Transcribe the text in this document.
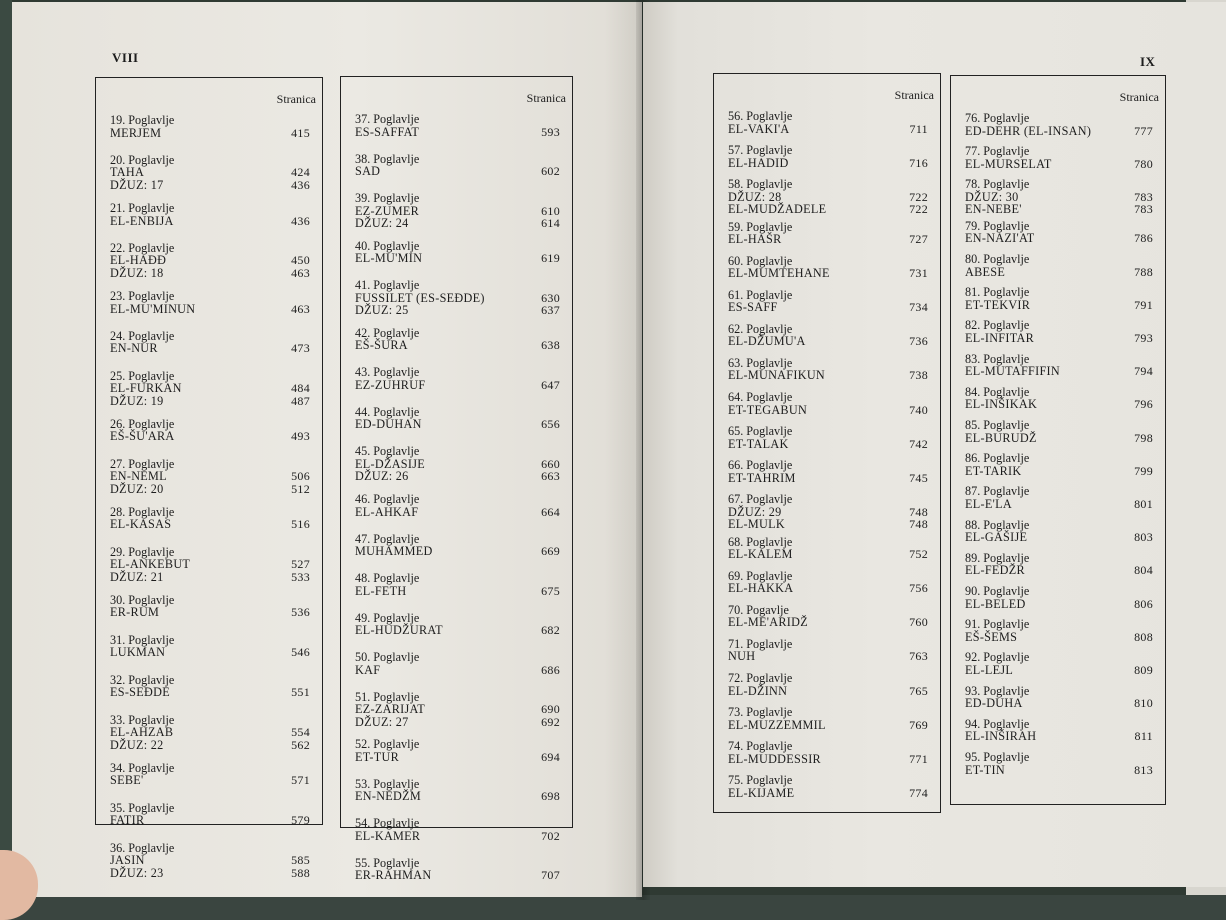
VIII
Stranica
19. Poglavlje
MERJEM	415
20. Poglavlje
TAHA	424
DŽUZ: 17	436
21. Poglavlje
EL-ENBIJA	436
22. Poglavlje
EL-HAĐĐ	450
DŽUZ: 18	463
23. Poglavlje
EL-MU'MINUN	463
24. Poglavlje
EN-NUR	473
25. Poglavlje
EL-FURKAN	484
DŽUZ: 19	487
26. Poglavlje
EŠ-ŠU'ARA	493
27. Poglavlje
EN-NEML	506
DŽUZ: 20	512
28. Poglavlje
EL-KASAS	516
29. Poglavlje
EL-ANKEBUT	527
DŽUZ: 21	533
30. Poglavlje
ER-RUM	536
31. Poglavlje
LUKMAN	546
32. Poglavlje
ES-SEĐDE	551
33. Poglavlje
EL-AHZAB	554
DŽUZ: 22	562
34. Poglavlje
SEBE'	571
35. Poglavlje
FATIR	579
36. Poglavlje
JASIN	585
DŽUZ: 23	588
Stranica
37. Poglavlje
ES-SAFFAT	593
38. Poglavlje
SAD	602
39. Poglavlje
EZ-ZUMER	610
DŽUZ: 24	614
40. Poglavlje
EL-MU'MIN	619
41. Poglavlje
FUSSILET (ES-SEĐDE)	630
DŽUZ: 25	637
42. Poglavlje
EŠ-ŠURA	638
43. Poglavlje
EZ-ZUHRUF	647
44. Poglavlje
ED-DUHAN	656
45. Poglavlje
EL-DŽASIJE	660
DŽUZ: 26	663
46. Poglavlje
EL-AHKAF	664
47. Poglavlje
MUHAMMED	669
48. Poglavlje
EL-FETH	675
49. Poglavlje
EL-HUDŽURAT	682
50. Poglavlje
KAF	686
51. Poglavlje
EZ-ZARIJAT	690
DŽUZ: 27	692
52. Poglavlje
ET-TUR	694
53. Poglavlje
EN-NEDŽM	698
54. Poglavlje
EL-KAMER	702
55. Poglavlje
ER-RAHMAN	707
IX
Stranica
56. Poglavlje
EL-VAKI'A	711
57. Poglavlje
EL-HADID	716
58. Poglavlje
DŽUZ: 28	722
EL-MUDŽADELE	722
59. Poglavlje
EL-HAŠR	727
60. Poglavlje
EL-MUMTEHANE	731
61. Poglavlje
ES-SAFF	734
62. Poglavlje
EL-DŽUMU'A	736
63. Poglavlje
EL-MUNAFIKUN	738
64. Poglavlje
ET-TEGABUN	740
65. Poglavlje
ET-TALAK	742
66. Poglavlje
ET-TAHRIM	745
67. Poglavlje
DŽUZ: 29	748
EL-MULK	748
68. Poglavlje
EL-KALEM	752
69. Poglavlje
EL-HAKKA	756
70. Pogavlje
EL-ME'ARIDŽ	760
71. Poglavlje
NUH	763
72. Poglavlje
EL-DŽINN	765
73. Poglavlje
EL-MUZZEMMIL	769
74. Poglavlje
EL-MUDDESSIR	771
75. Poglavlje
EL-KIJAME	774
Stranica
76. Poglavlje
ED-DEHR (EL-INSAN)	777
77. Poglavlje
EL-MURSELAT	780
78. Poglavlje
DŽUZ: 30	783
EN-NEBE'	783
79. Poglavlje
EN-NAZI'AT	786
80. Poglavlje
ABESE	788
81. Poglavlje
ET-TEKVIR	791
82. Poglavlje
EL-INFITAR	793
83. Poglavlje
EL-MUTAFFIFIN	794
84. Poglavlje
EL-INŠIKAK	796
85. Poglavlje
EL-BURUDŽ	798
86. Poglavlje
ET-TARIK	799
87. Poglavlje
EL-E'LA	801
88. Poglavlje
EL-GAŠIJE	803
89. Poglavlje
EL-FEDŽR	804
90. Poglavlje
EL-BELED	806
91. Poglavlje
EŠ-ŠEMS	808
92. Poglavlje
EL-LEJL	809
93. Poglavlje
ED-DUHA	810
94. Poglavlje
EL-INŠIRAH	811
95. Poglavlje
ET-TIN	813
